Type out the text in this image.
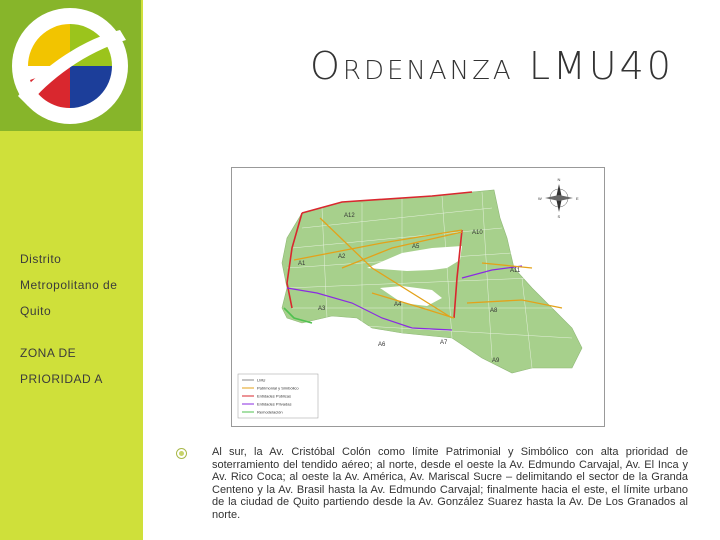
Distrito
Metropolitano de
Quito
ZONA DE
PRIORIDAD A
ORDENANZA LMU40
A12
A10
A1
A2
A5
A11
A3
A4
A8
A6	A7
A9
N
S
E
W
LMU
Patrimonial y Simbólico
Entidades Públicas
Entidades Privadas
Remodelación
Al sur, la Av. Cristóbal Colón como límite Patrimonial y Simbólico con alta prioridad de soterramiento del tendido aéreo; al norte, desde el oeste la Av. Edmundo Carvajal, Av. El Inca y Av. Rico Coca; al oeste la Av. América, Av. Mariscal Sucre – delimitando el sector de la Granda Centeno y la Av. Brasil hasta la Av. Edmundo Carvajal; finalmente hacia el este, el límite urbano de la ciudad de Quito partiendo desde la Av. González Suarez hasta la Av. De Los Granados al norte.
